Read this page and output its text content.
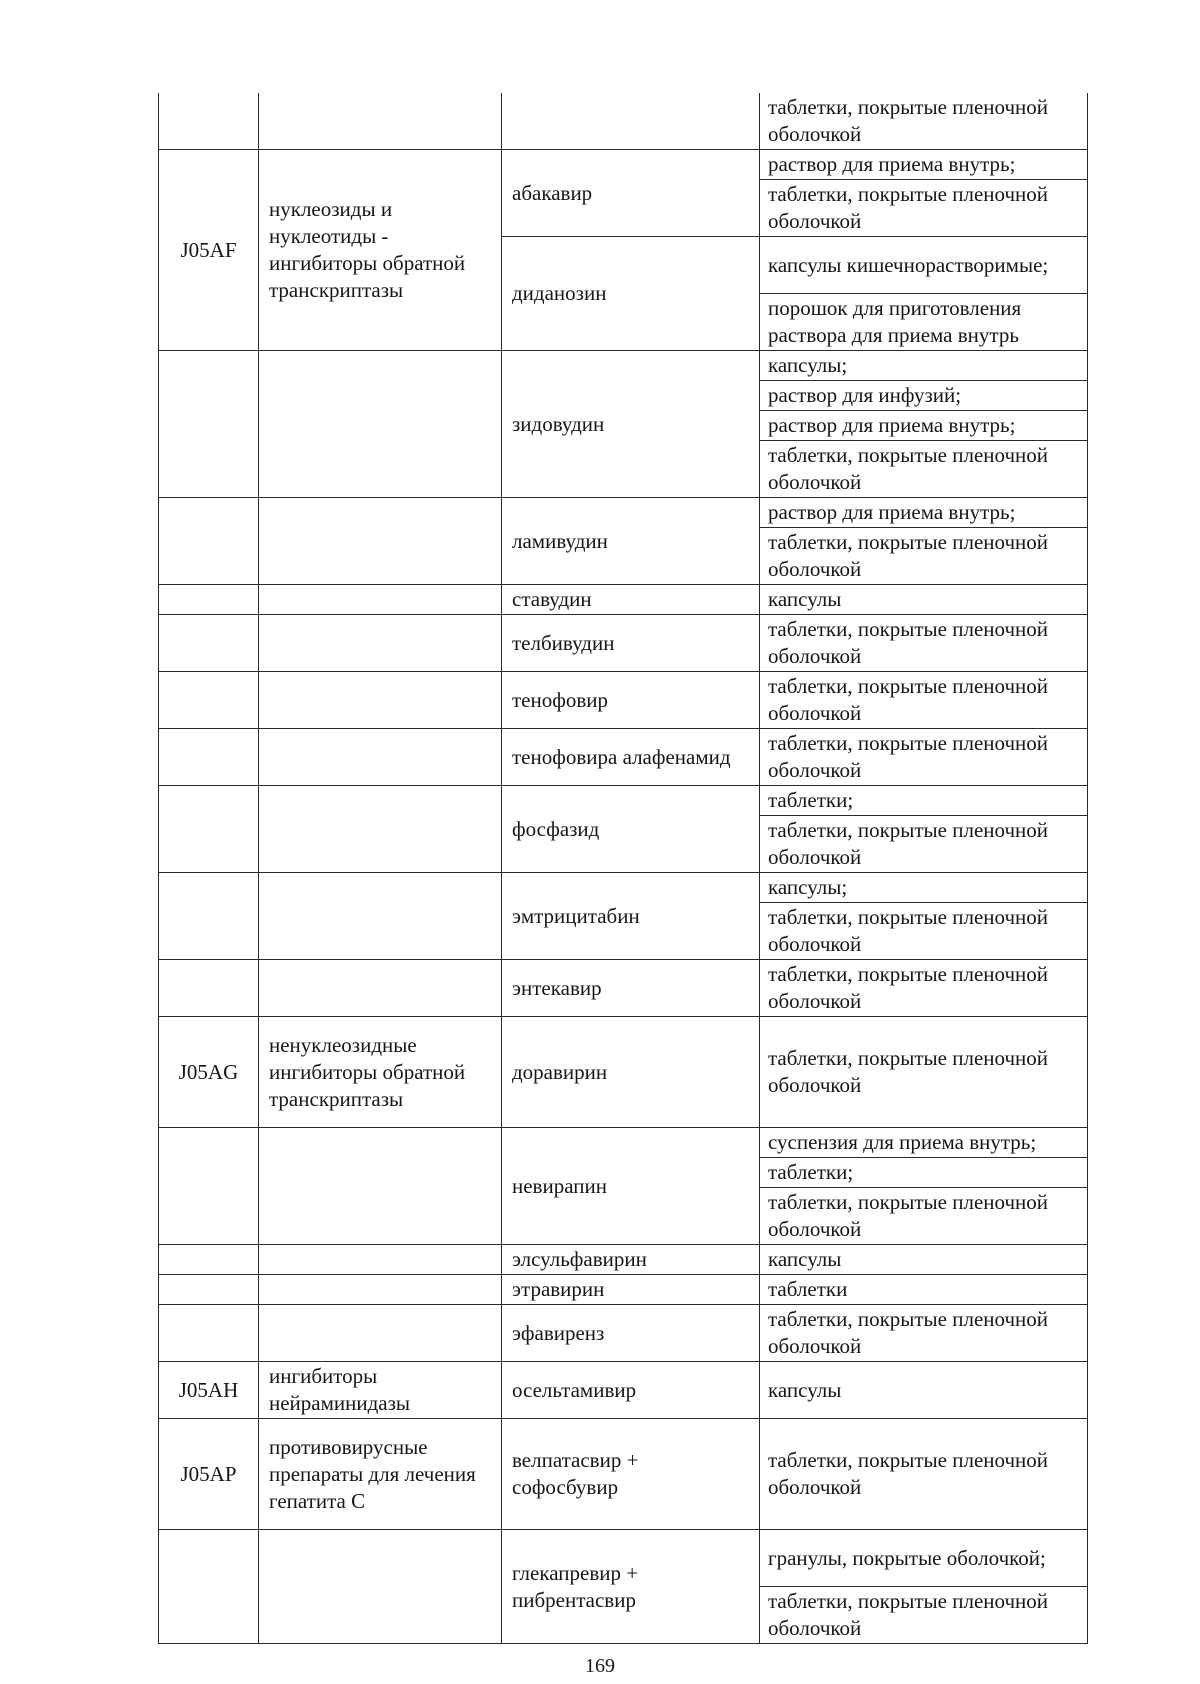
			таблетки, покрытые пленочной оболочкой
J05AF	нуклеозиды и нуклеотиды - ингибиторы обратной транскриптазы	абакавир	раствор для приема внутрь;
			таблетки, покрытые пленочной оболочкой
		диданозин	капсулы кишечнорастворимые;
			порошок для приготовления раствора для приема внутрь
		зидовудин	капсулы;
			раствор для инфузий;
			раствор для приема внутрь;
			таблетки, покрытые пленочной оболочкой
		ламивудин	раствор для приема внутрь;
			таблетки, покрытые пленочной оболочкой
		ставудин	капсулы
		телбивудин	таблетки, покрытые пленочной оболочкой
		тенофовир	таблетки, покрытые пленочной оболочкой
		тенофовира алафенамид	таблетки, покрытые пленочной оболочкой
		фосфазид	таблетки;
			таблетки, покрытые пленочной оболочкой
		эмтрицитабин	капсулы;
			таблетки, покрытые пленочной оболочкой
		энтекавир	таблетки, покрытые пленочной оболочкой
J05AG	ненуклеозидные ингибиторы обратной транскриптазы	доравирин	таблетки, покрытые пленочной оболочкой
		невирапин	суспензия для приема внутрь;
			таблетки;
			таблетки, покрытые пленочной оболочкой
		элсульфавирин	капсулы
		этравирин	таблетки
		эфавиренз	таблетки, покрытые пленочной оболочкой
J05AH	ингибиторы нейраминидазы	осельтамивир	капсулы
J05AP	противовирусные препараты для лечения гепатита С	велпатасвир + софосбувир	таблетки, покрытые пленочной оболочкой
		глекапревир + пибрентасвир	гранулы, покрытые оболочкой;
			таблетки, покрытые пленочной оболочкой
169
